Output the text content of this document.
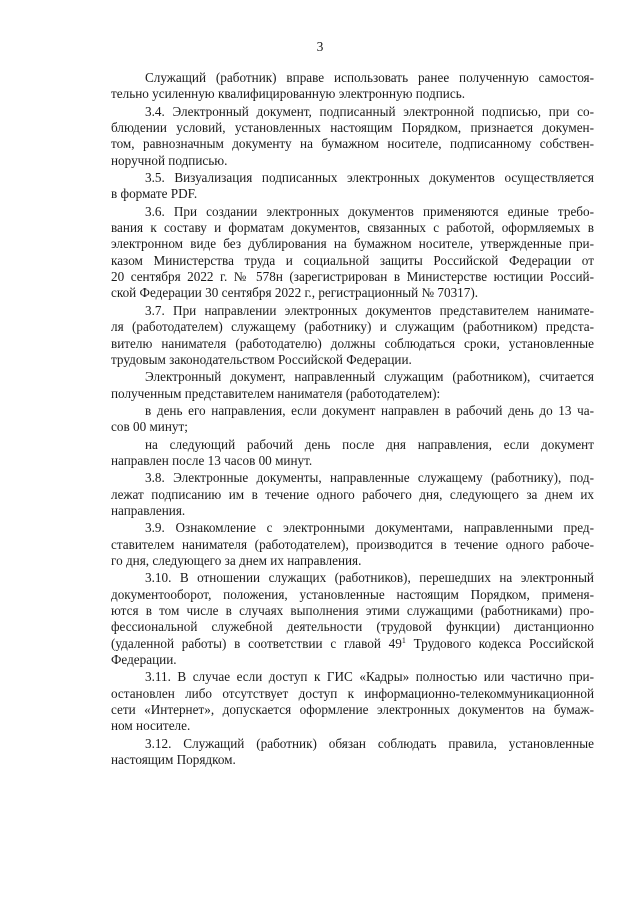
3
Служащий (работник) вправе использовать ранее полученную самостоя-
тельно усиленную квалифицированную электронную подпись.
3.4. Электронный документ, подписанный электронной подписью, при со-
блюдении условий, установленных настоящим Порядком, признается докумен-
том, равнозначным документу на бумажном носителе, подписанному собствен-
норучной подписью.
3.5. Визуализация подписанных электронных документов осуществляется
в формате PDF.
3.6. При создании электронных документов применяются единые требо-
вания к составу и форматам документов, связанных с работой, оформляемых в
электронном виде без дублирования на бумажном носителе, утвержденные при-
казом Министерства труда и социальной защиты Российской Федерации от
20 сентября 2022 г. № 578н (зарегистрирован в Министерстве юстиции Россий-
ской Федерации 30 сентября 2022 г., регистрационный № 70317).
3.7. При направлении электронных документов представителем нанимате-
ля (работодателем) служащему (работнику) и служащим (работником) предста-
вителю нанимателя (работодателю) должны соблюдаться сроки, установленные
трудовым законодательством Российской Федерации.
Электронный документ, направленный служащим (работником), считается
полученным представителем нанимателя (работодателем):
в день его направления, если документ направлен в рабочий день до 13 ча-
сов 00 минут;
на следующий рабочий день после дня направления, если документ
направлен после 13 часов 00 минут.
3.8. Электронные документы, направленные служащему (работнику), под-
лежат подписанию им в течение одного рабочего дня, следующего за днем их
направления.
3.9. Ознакомление с электронными документами, направленными пред-
ставителем нанимателя (работодателем), производится в течение одного рабоче-
го дня, следующего за днем их направления.
3.10. В отношении служащих (работников), перешедших на электронный
документооборот, положения, установленные настоящим Порядком, применя-
ются в том числе в случаях выполнения этими служащими (работниками) про-
фессиональной служебной деятельности (трудовой функции) дистанционно
(удаленной работы) в соответствии с главой $49^1$ Трудового кодекса Российской
Федерации.
3.11. В случае если доступ к ГИС «Кадры» полностью или частично при-
остановлен либо отсутствует доступ к информационно-телекоммуникационной
сети «Интернет», допускается оформление электронных документов на бумаж-
ном носителе.
3.12. Служащий (работник) обязан соблюдать правила, установленные
настоящим Порядком.
